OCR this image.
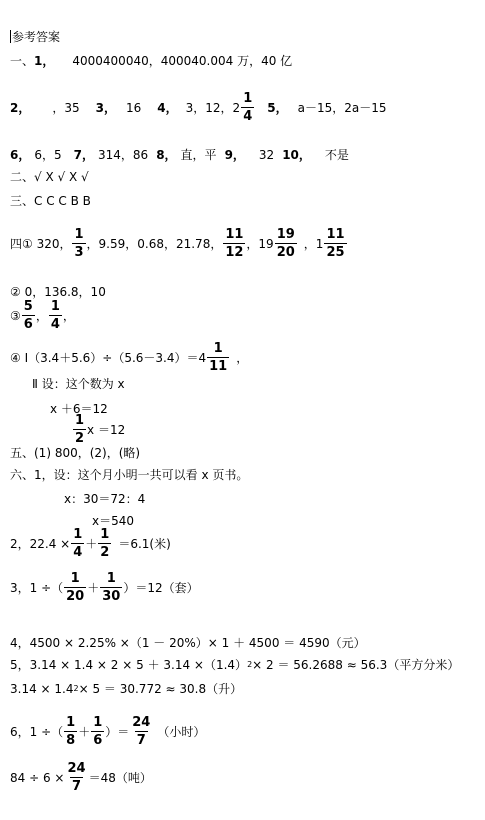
参考答案
一、 1， 4000400040，400040.004 万，40 亿
2， ，35 3， 16 4， 3，12，$2 \frac{1}{4} 5$， a－15，2a－15
6， 6，5 7， 314，86 8， 直，平 9， 32 10， 不是
二、√ X √ X √
三、C C C B B
四① 320， $\frac{1}{3}$ ，9.59，0.68，21.78， $\frac{11}{12}$ ，$19 \frac{19}{20}$ ，$1 \frac{11}{25}$
② 0，136.8，10
③ $\frac{5}{6}$ ， $\frac{1}{4}$ ，
④ Ⅰ（3.4＋5.6）÷（5.6－3.4）＝4 $\frac{1}{11}$ ，
Ⅱ 设：这个数为 x
x ＋6＝12
$\frac{1}{2}$ x ＝12
五、(1) 800，(2)，(略)
六、1，设：这个月小明一共可以看 x 页书。
x：30＝72：4
x＝540
2，$22.4 \times \frac{1}{4} + \frac{1}{2} =6.1$(米)
3，1 ÷（ $\frac{1}{20} + \frac{1}{30} )=12$（套）
4，4500 × 2.25% ×（1 － 20%）× 1 ＋ 4500 ＝ 4590（元）
5，3.14 × 1.4 × 2 × 5 ＋ 3.14 ×（1.4） 2 × 2 ＝ 56.2688 ≈ 56.3（平方分米）
3.14 × 1.4 2 × 5 ＝ 30.772 ≈ 30.8（升）
6，1 ÷（ $\frac{1}{8} + \frac{1}{6}$ ）＝ $\frac{24}{7}$ （小时）
$84 \div 6 \times \frac{24}{7} =48$（吨）
